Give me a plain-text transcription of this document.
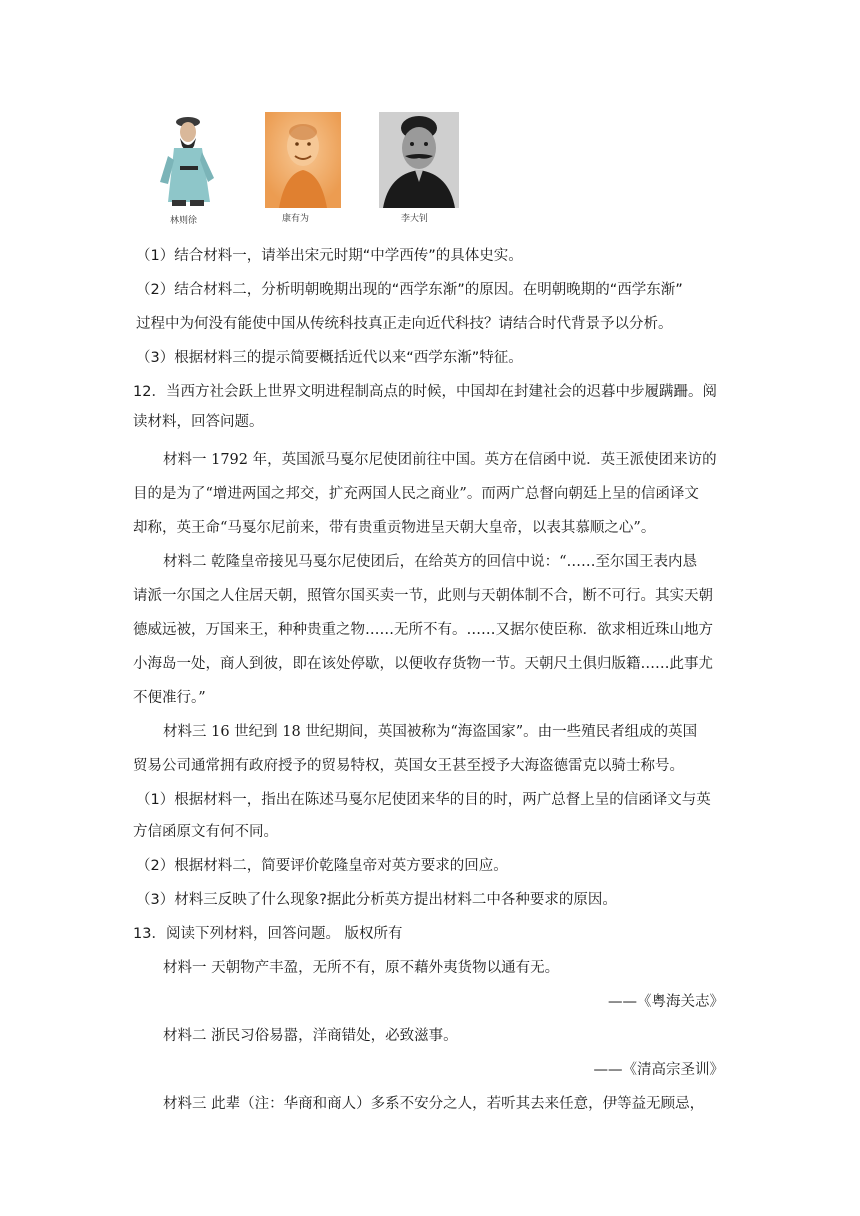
林则徐	康有为	李大钊
（1）结合材料一，请举出宋元时期“中学西传”的具体史实。
（2）结合材料二，分析明朝晚期出现的“西学东渐”的原因。在明朝晚期的“西学东渐”
过程中为何没有能使中国从传统科技真正走向近代科技？请结合时代背景予以分析。
（3）根据材料三的提示简要概括近代以来“西学东渐”特征。
12．当西方社会跃上世界文明进程制高点的时候，中国却在封建社会的迟暮中步履蹒跚。阅
读材料，回答问题。
材料一 1792 年，英国派马戛尔尼使团前往中国。英方在信函中说．英王派使团来访的
目的是为了“增进两国之邦交，扩充两国人民之商业”。而两广总督向朝廷上呈的信函译文
却称，英王命“马戛尔尼前来，带有贵重贡物进呈天朝大皇帝，以表其慕顺之心”。
材料二 乾隆皇帝接见马戛尔尼使团后，在给英方的回信中说：“……至尔国王表内恳
请派一尔国之人住居天朝，照管尔国买卖一节，此则与天朝体制不合，断不可行。其实天朝
德威远被，万国来王，种种贵重之物……无所不有。……又据尔使臣称．欲求相近珠山地方
小海岛一处，商人到彼，即在该处停歇，以便收存货物一节。天朝尺土俱归版籍……此事尤
不便准行。”
材料三 16 世纪到 18 世纪期间，英国被称为“海盗国家”。由一些殖民者组成的英国
贸易公司通常拥有政府授予的贸易特权，英国女王甚至授予大海盗德雷克以骑士称号。
（1）根据材料一，指出在陈述马戛尔尼使团来华的目的时，两广总督上呈的信函译文与英
方信函原文有何不同。
（2）根据材料二，简要评价乾隆皇帝对英方要求的回应。
（3）材料三反映了什么现象?据此分析英方提出材料二中各种要求的原因。
13．阅读下列材料，回答问题。 版权所有
材料一 天朝物产丰盈，无所不有，原不藉外夷货物以通有无。
——《粤海关志》
材料二 浙民习俗易嚣，洋商错处，必致滋事。
——《清高宗圣训》
材料三 此辈（注：华商和商人）多系不安分之人，若听其去来任意，伊等益无顾忌，
